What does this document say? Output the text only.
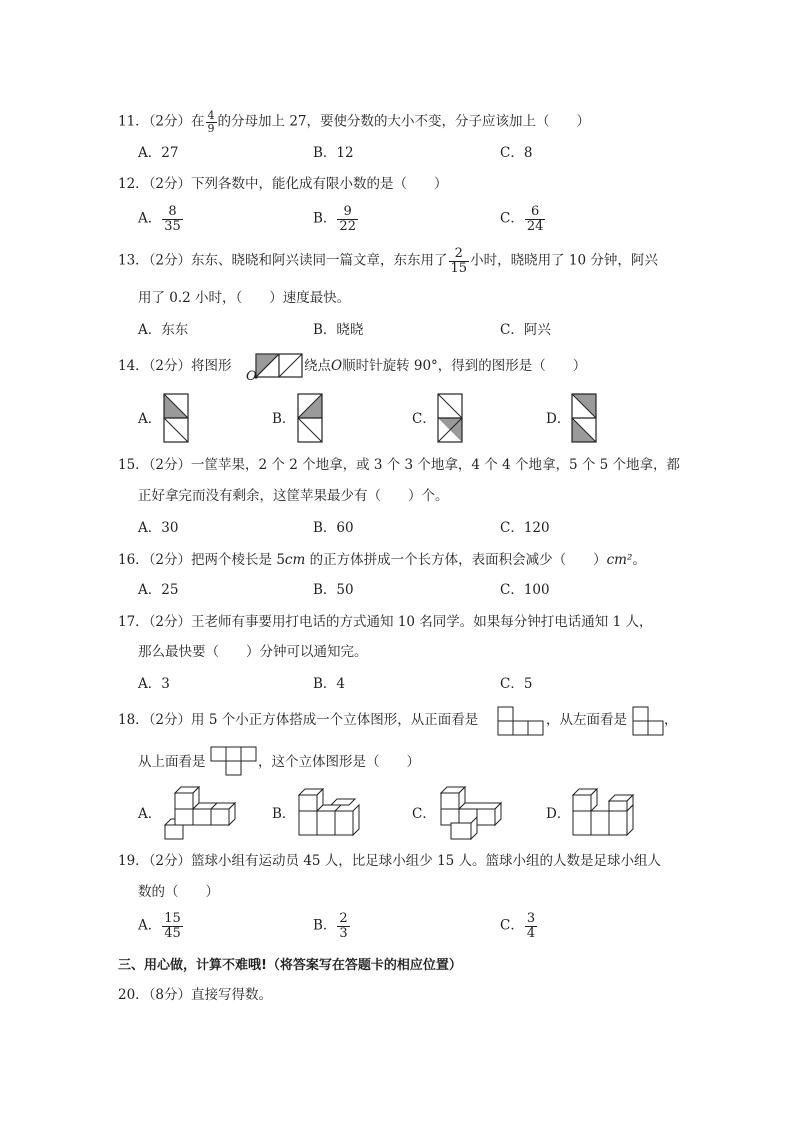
11．（2分）在 $\frac{4}{9}$ 的分母加上 27，要使分数的大小不变，分子应该加上（　　）
A．27	B．12	C．8
12．（2分）下列各数中，能化成有限小数的是（　　）
A． $\frac{8}{35}$	B． $\frac{9}{22}$	C． $\frac{6}{24}$
13．（2分）东东、晓晓和阿兴读同一篇文章，东东用了 $\frac{2}{15}$ 小时，晓晓用了 10 分钟，阿兴
用了 0.2 小时，（　　）速度最快。
A．东东	B．晓晓	C．阿兴
14．（2分）将图形
O
绕点O顺时针旋转 90°，得到的图形是（　　）
A．	B．	C．	D．
15．（2分）一筐苹果，2 个 2 个地拿，或 3 个 3 个地拿，4 个 4 个地拿，5 个 5 个地拿，都
正好拿完而没有剩余，这筐苹果最少有（　　）个。
A．30	B．60	C．120
16．（2分）把两个棱长是 5cm 的正方体拼成一个长方体，表面积会减少（　　）cm²。
A．25	B．50	C．100
17．（2分）王老师有事要用打电话的方式通知 10 名同学。如果每分钟打电话通知 1 人，
那么最快要（　　）分钟可以通知完。
A．3	B．4	C．5
18．（2分）用 5 个小正方体搭成一个立体图形，从正面看是	，从左面看是	，
从上面看是	，这个立体图形是（　　）
A．	B．	C．	D．
19．（2分）篮球小组有运动员 45 人，比足球小组少 15 人。篮球小组的人数是足球小组人
数的（　　）
A． $\frac{15}{45}$	B． $\frac{2}{3}$	C． $\frac{3}{4}$
三、用心做，计算不难哦!（将答案写在答题卡的相应位置）
20．（8分）直接写得数。
